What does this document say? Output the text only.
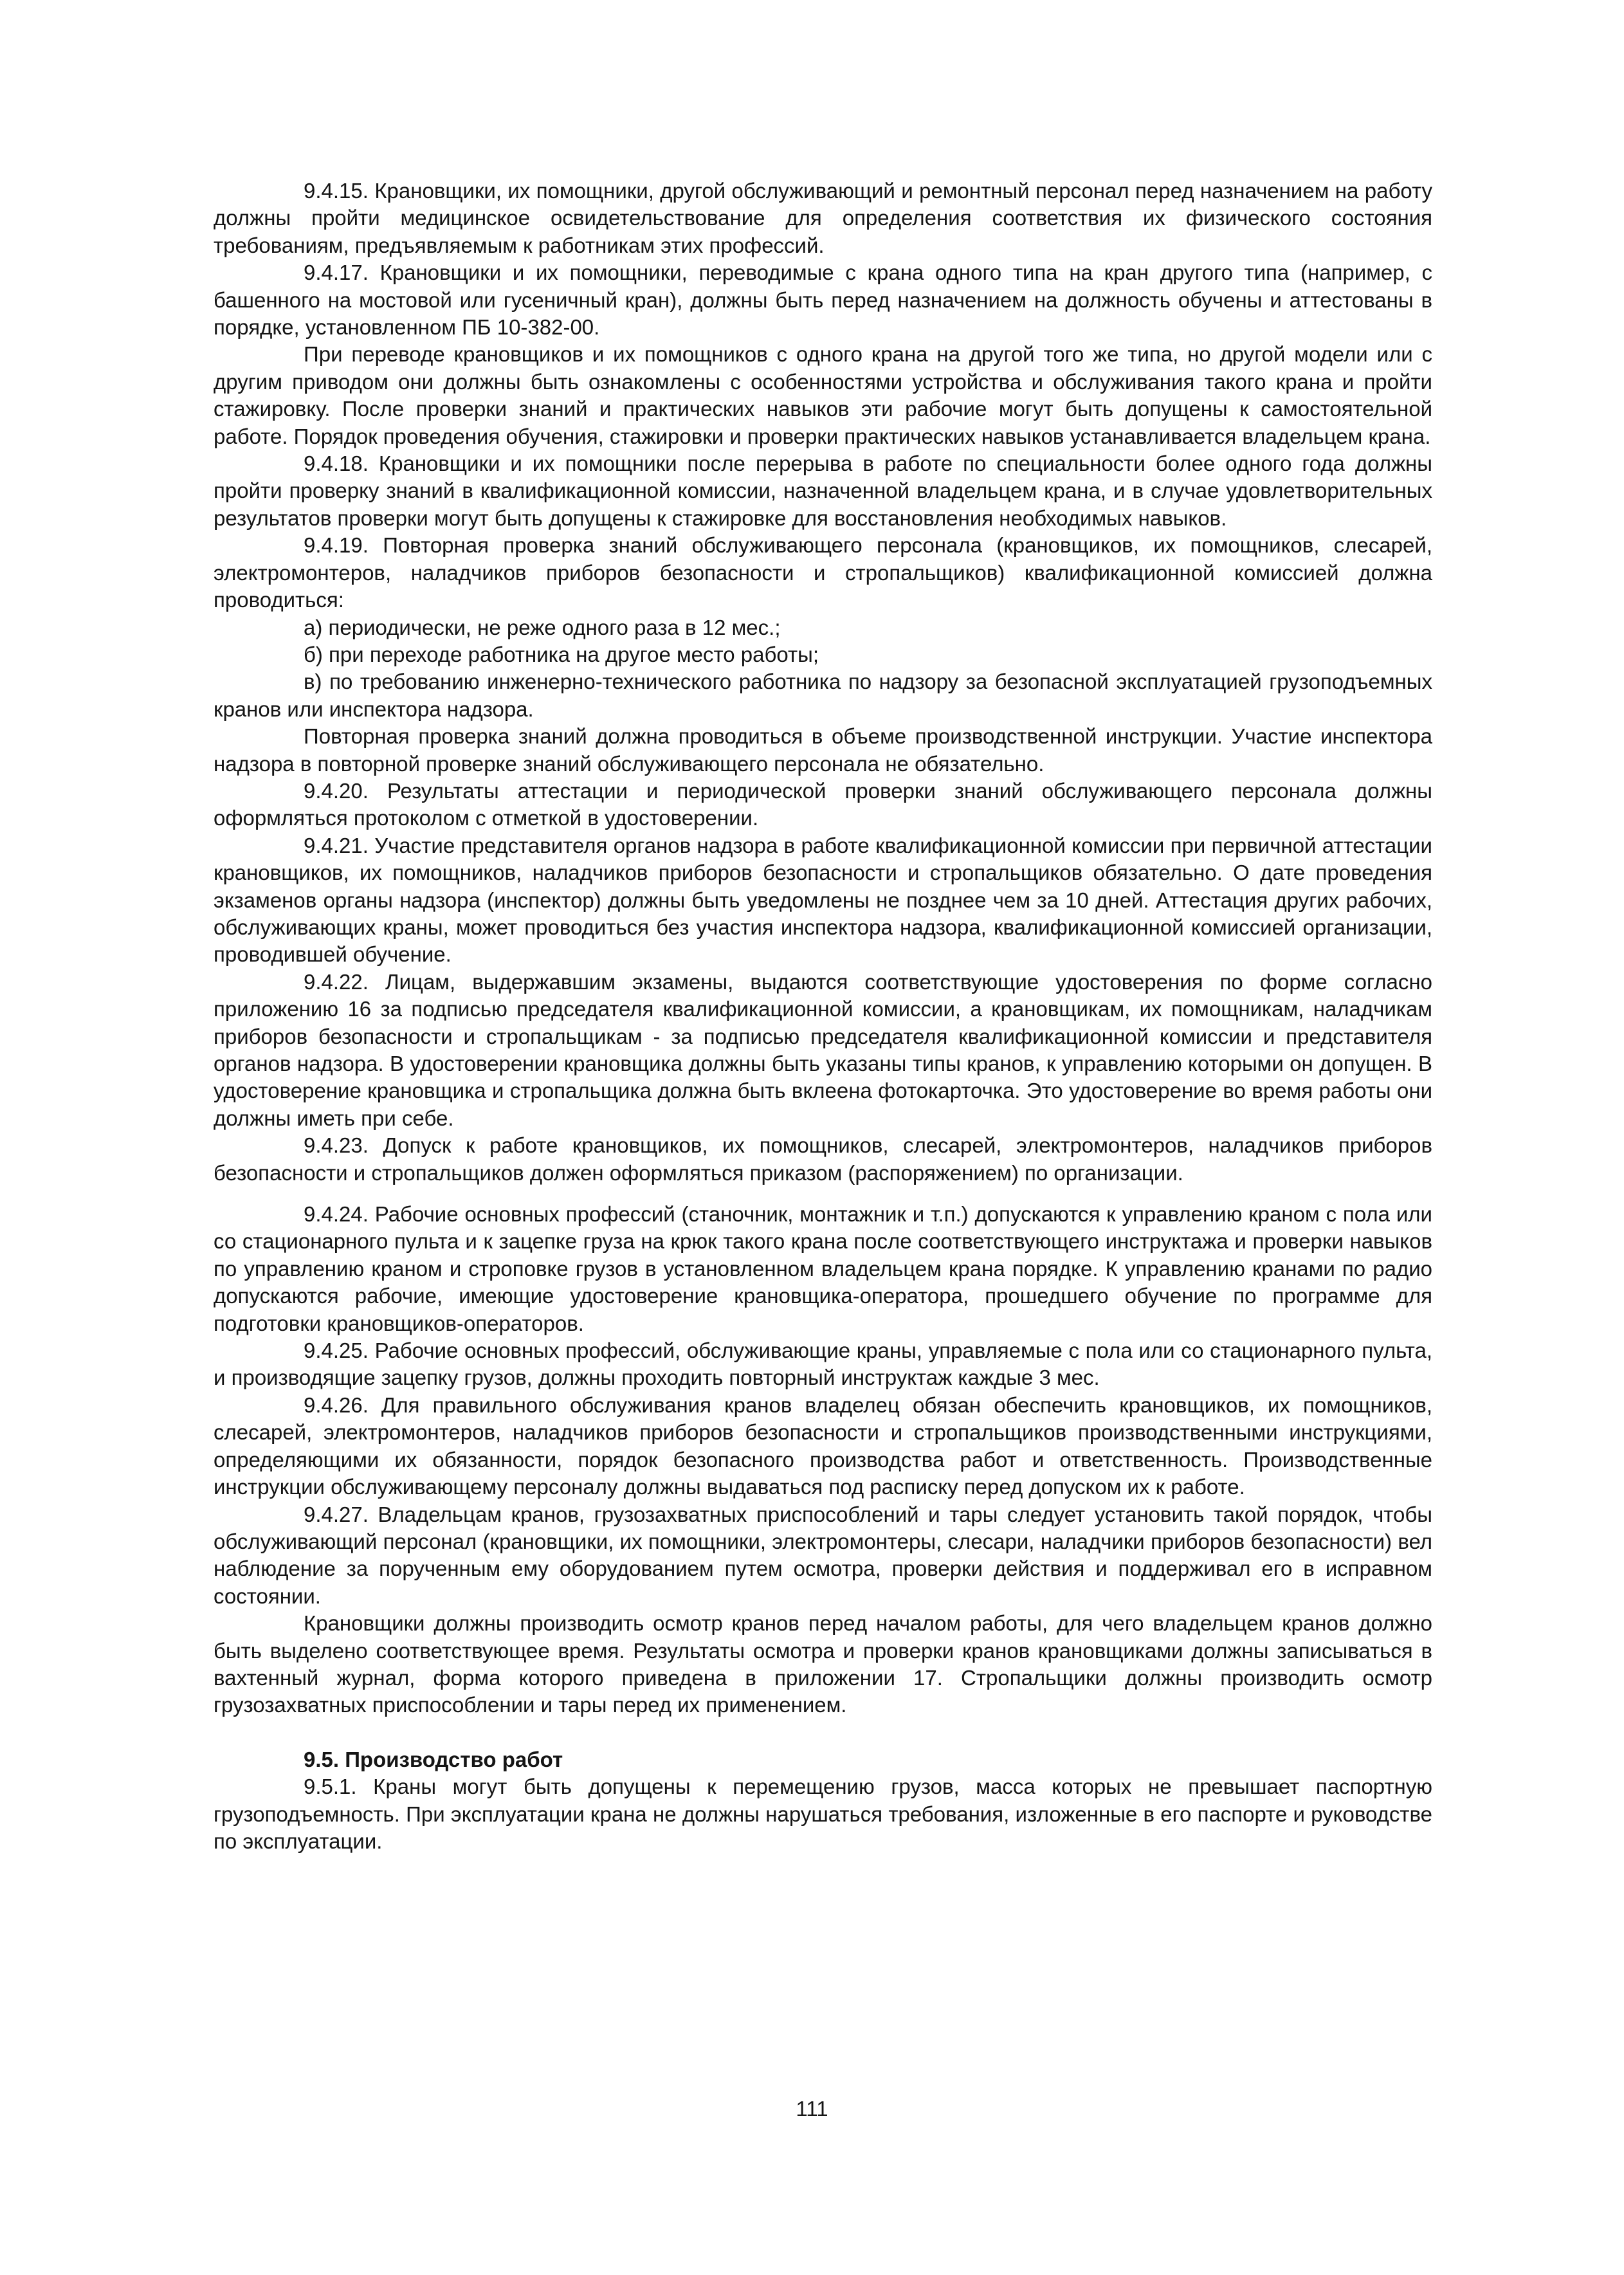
9.4.15. Крановщики, их помощники, другой обслуживающий и ремонтный персонал перед назначением на работу должны пройти медицинское освидетельствование для определения соответствия их физического состояния требованиям, предъявляемым к работникам этих профессий.

9.4.17. Крановщики и их помощники, переводимые с крана одного типа на кран другого типа (например, с башенного на мостовой или гусеничный кран), должны быть перед назначением на должность обучены и аттестованы в порядке, установленном ПБ 10-382-00.

При переводе крановщиков и их помощников с одного крана на другой того же типа, но другой модели или с другим приводом они должны быть ознакомлены с особенностями устройства и обслуживания такого крана и пройти стажировку. После проверки знаний и практических навыков эти рабочие могут быть допущены к самостоятельной работе. Порядок проведения обучения, стажировки и проверки практических навыков устанавливается владельцем крана.

9.4.18. Крановщики и их помощники после перерыва в работе по специальности более одного года должны пройти проверку знаний в квалификационной комиссии, назначенной владельцем крана, и в случае удовлетворительных результатов проверки могут быть допущены к стажировке для восстановления необходимых навыков.

9.4.19. Повторная проверка знаний обслуживающего персонала (крановщиков, их помощников, слесарей, электромонтеров, наладчиков приборов безопасности и стропальщиков) квалификационной комиссией должна проводиться:

а) периодически, не реже одного раза в 12 мес.;

б) при переходе работника на другое место работы;

в) по требованию инженерно-технического работника по надзору за безопасной эксплуатацией грузоподъемных кранов или инспектора надзора.

Повторная проверка знаний должна проводиться в объеме производственной инструкции. Участие инспектора надзора в повторной проверке знаний обслуживающего персонала не обязательно.

9.4.20. Результаты аттестации и периодической проверки знаний обслуживающего персонала должны оформляться протоколом с отметкой в удостоверении.

9.4.21. Участие представителя органов надзора в работе квалификационной комиссии при первичной аттестации крановщиков, их помощников, наладчиков приборов безопасности и стропальщиков обязательно. О дате проведения экзаменов органы надзора (инспектор) должны быть уведомлены не позднее чем за 10 дней. Аттестация других рабочих, обслуживающих краны, может проводиться без участия инспектора надзора, квалификационной комиссией организации, проводившей обучение.

9.4.22. Лицам, выдержавшим экзамены, выдаются соответствующие удостоверения по форме согласно приложению 16 за подписью председателя квалификационной комиссии, а крановщикам, их помощникам, наладчикам приборов безопасности и стропальщикам - за подписью председателя квалификационной комиссии и представителя органов надзора. В удостоверении крановщика должны быть указаны типы кранов, к управлению которыми он допущен. В удостоверение крановщика и стропальщика должна быть вклеена фотокарточка. Это удостоверение во время работы они должны иметь при себе.

9.4.23. Допуск к работе крановщиков, их помощников, слесарей, электромонтеров, наладчиков приборов безопасности и стропальщиков должен оформляться приказом (распоряжением) по организации.

9.4.24. Рабочие основных профессий (станочник, монтажник и т.п.) допускаются к управлению краном с пола или со стационарного пульта и к зацепке груза на крюк такого крана после соответствующего инструктажа и проверки навыков по управлению краном и строповке грузов в установленном владельцем крана порядке. К управлению кранами по радио допускаются рабочие, имеющие удостоверение крановщика-оператора, прошедшего обучение по программе для подготовки крановщиков-операторов.

9.4.25. Рабочие основных профессий, обслуживающие краны, управляемые с пола или со стационарного пульта, и производящие зацепку грузов, должны проходить повторный инструктаж каждые 3 мес.

9.4.26. Для правильного обслуживания кранов владелец обязан обеспечить крановщиков, их помощников, слесарей, электромонтеров, наладчиков приборов безопасности и стропальщиков производственными инструкциями, определяющими их обязанности, порядок безопасного производства работ и ответственность. Производственные инструкции обслуживающему персоналу должны выдаваться под расписку перед допуском их к работе.

9.4.27. Владельцам кранов, грузозахватных приспособлений и тары следует установить такой порядок, чтобы обслуживающий персонал (крановщики, их помощники, электромонтеры, слесари, наладчики приборов безопасности) вел наблюдение за порученным ему оборудованием путем осмотра, проверки действия и поддерживал его в исправном состоянии.

Крановщики должны производить осмотр кранов перед началом работы, для чего владельцем кранов должно быть выделено соответствующее время. Результаты осмотра и проверки кранов крановщиками должны записываться в вахтенный журнал, форма которого приведена в приложении 17. Стропальщики должны производить осмотр грузозахватных приспособлении и тары перед их применением.

9.5. Производство работ

9.5.1. Краны могут быть допущены к перемещению грузов, масса которых не превышает паспортную грузоподъемность. При эксплуатации крана не должны нарушаться требования, изложенные в его паспорте и руководстве по эксплуатации.

111
